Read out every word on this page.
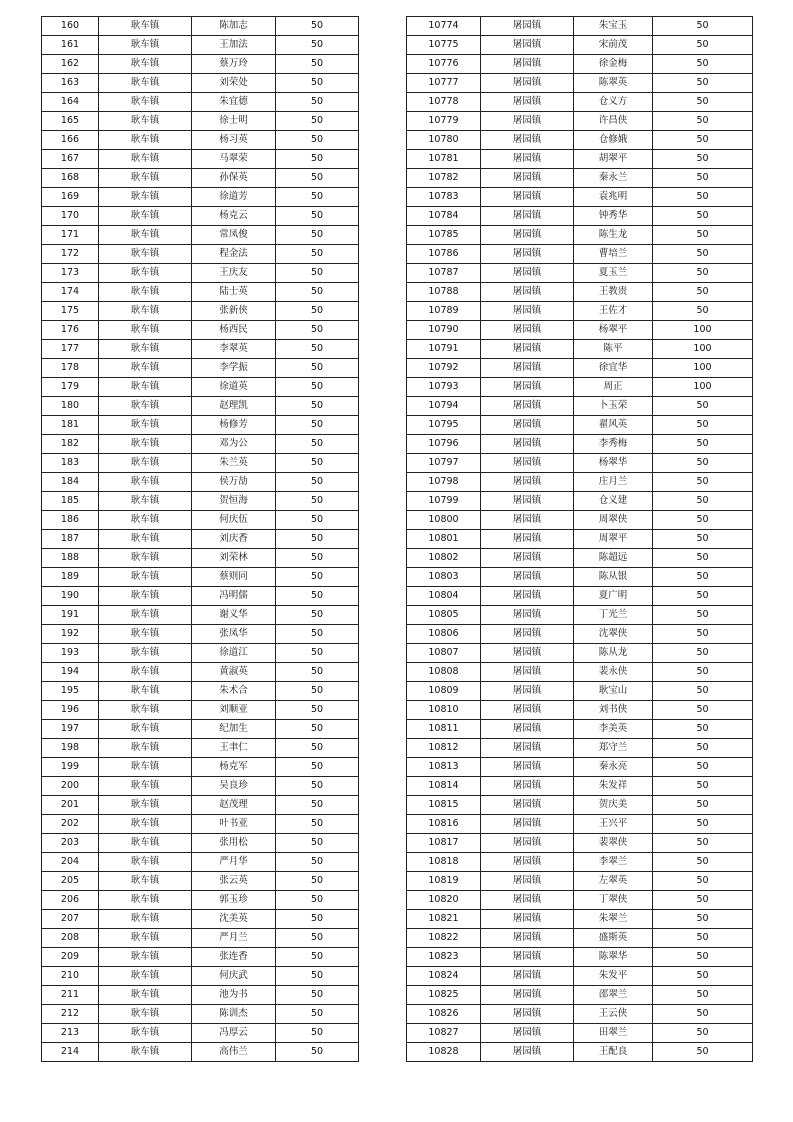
160	耿车镇	陈加志	50
161	耿车镇	王加法	50
162	耿车镇	蔡万玲	50
163	耿车镇	刘荣处	50
164	耿车镇	朱宜德	50
165	耿车镇	徐士明	50
166	耿车镇	杨习英	50
167	耿车镇	马翠荣	50
168	耿车镇	孙保英	50
169	耿车镇	徐道芳	50
170	耿车镇	杨克云	50
171	耿车镇	常凤俊	50
172	耿车镇	程金法	50
173	耿车镇	王庆友	50
174	耿车镇	陆士英	50
175	耿车镇	张新侠	50
176	耿车镇	杨西民	50
177	耿车镇	李翠英	50
178	耿车镇	李学振	50
179	耿车镇	徐道英	50
180	耿车镇	赵理凯	50
181	耿车镇	杨修芳	50
182	耿车镇	邓为公	50
183	耿车镇	朱兰英	50
184	耿车镇	侯万劼	50
185	耿车镇	贺恒海	50
186	耿车镇	何庆伍	50
187	耿车镇	刘庆香	50
188	耿车镇	刘荣林	50
189	耿车镇	蔡则同	50
190	耿车镇	冯明儒	50
191	耿车镇	谢义华	50
192	耿车镇	张凤华	50
193	耿车镇	徐道江	50
194	耿车镇	黄淑英	50
195	耿车镇	朱术合	50
196	耿车镇	刘顺亚	50
197	耿车镇	纪加生	50
198	耿车镇	王聿仁	50
199	耿车镇	杨克军	50
200	耿车镇	吴良珍	50
201	耿车镇	赵茂理	50
202	耿车镇	叶书亚	50
203	耿车镇	张用松	50
204	耿车镇	严月华	50
205	耿车镇	张云英	50
206	耿车镇	郭玉珍	50
207	耿车镇	沈美英	50
208	耿车镇	严月兰	50
209	耿车镇	张连香	50
210	耿车镇	何庆武	50
211	耿车镇	池为书	50
212	耿车镇	陈训杰	50
213	耿车镇	冯厚云	50
214	耿车镇	高伟兰	50
10774	屠园镇	朱宝玉	50
10775	屠园镇	宋前茂	50
10776	屠园镇	徐金梅	50
10777	屠园镇	陈翠英	50
10778	屠园镇	仓义方	50
10779	屠园镇	许昌侠	50
10780	屠园镇	仓修娥	50
10781	屠园镇	胡翠平	50
10782	屠园镇	秦永兰	50
10783	屠园镇	袁兆明	50
10784	屠园镇	钟秀华	50
10785	屠园镇	陈生龙	50
10786	屠园镇	曹培兰	50
10787	屠园镇	夏玉兰	50
10788	屠园镇	王教贵	50
10789	屠园镇	王佐才	50
10790	屠园镇	杨翠平	100
10791	屠园镇	陈平	100
10792	屠园镇	徐宜华	100
10793	屠园镇	周正	100
10794	屠园镇	卜玉荣	50
10795	屠园镇	翟风英	50
10796	屠园镇	李秀梅	50
10797	屠园镇	杨翠华	50
10798	屠园镇	庄月兰	50
10799	屠园镇	仓义建	50
10800	屠园镇	周翠侠	50
10801	屠园镇	周翠平	50
10802	屠园镇	陈超远	50
10803	屠园镇	陈从银	50
10804	屠园镇	夏广明	50
10805	屠园镇	丁光兰	50
10806	屠园镇	沈翠侠	50
10807	屠园镇	陈从龙	50
10808	屠园镇	裴永侠	50
10809	屠园镇	耿宝山	50
10810	屠园镇	刘书侠	50
10811	屠园镇	李美英	50
10812	屠园镇	郑守兰	50
10813	屠园镇	秦永亮	50
10814	屠园镇	朱发祥	50
10815	屠园镇	贺庆美	50
10816	屠园镇	王兴平	50
10817	屠园镇	裴翠侠	50
10818	屠园镇	李翠兰	50
10819	屠园镇	左翠英	50
10820	屠园镇	丁翠侠	50
10821	屠园镇	朱翠兰	50
10822	屠园镇	盛斯英	50
10823	屠园镇	陈翠华	50
10824	屠园镇	朱发平	50
10825	屠园镇	邵翠兰	50
10826	屠园镇	王云侠	50
10827	屠园镇	田翠兰	50
10828	屠园镇	王配良	50
